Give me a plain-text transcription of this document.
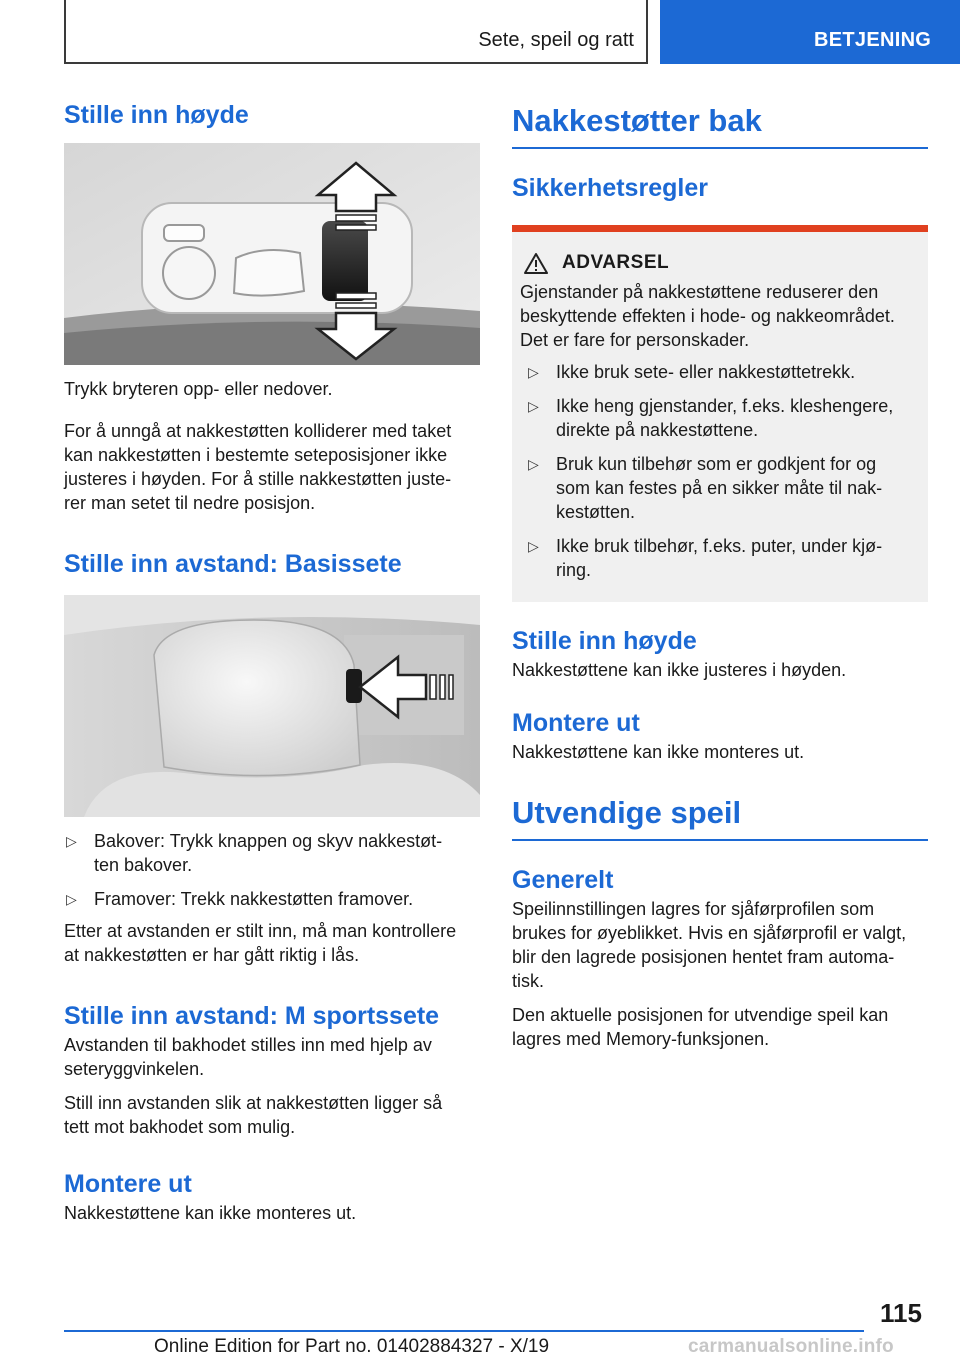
Sete, speil og ratt	BETJENING
Stille inn høyde

Trykk bryteren opp- eller nedover.

For å unngå at nakkestøtten kolliderer med taket
kan nakkestøtten i bestemte seteposisjoner ikke
justeres i høyden. For å stille nakkestøtten juste-
rer man setet til nedre posisjon.

Stille inn avstand: Basissete
▷ Bakover: Trykk knappen og skyv nakkestøt-
ten bakover.
▷ Framover: Trekk nakkestøtten framover.

Etter at avstanden er stilt inn, må man kontrollere
at nakkestøtten er har gått riktig i lås.

Stille inn avstand: M sportssete

Avstanden til bakhodet stilles inn med hjelp av
seteryggvinkelen.

Still inn avstanden slik at nakkestøtten ligger så
tett mot bakhodet som mulig.

Montere ut

Nakkestøttene kan ikke monteres ut.

Nakkestøtter bak
Sikkerhetsregler
ADVARSEL

Gjenstander på nakkestøttene reduserer den
beskyttende effekten i hode- og nakkeområdet.
Det er fare for personskader.

▷ Ikke bruk sete- eller nakkestøttetrekk.
▷ Ikke heng gjenstander, f.eks. kleshengere,
direkte på nakkestøttene.
▷ Bruk kun tilbehør som er godkjent for og
som kan festes på en sikker måte til nak-
kestøtten.
▷ Ikke bruk tilbehør, f.eks. puter, under kjø-
ring.
Stille inn høyde

Nakkestøttene kan ikke justeres i høyden.

Montere ut

Nakkestøttene kan ikke monteres ut.

Utvendige speil
Generelt

Speilinnstillingen lagres for sjåførprofilen som
brukes for øyeblikket. Hvis en sjåførprofil er valgt,
blir den lagrede posisjonen hentet fram automa-
tisk.

Den aktuelle posisjonen for utvendige speil kan
lagres med Memory-funksjonen.

115
Online Edition for Part no. 01402884327 - X/19	carmanualsonline.info
